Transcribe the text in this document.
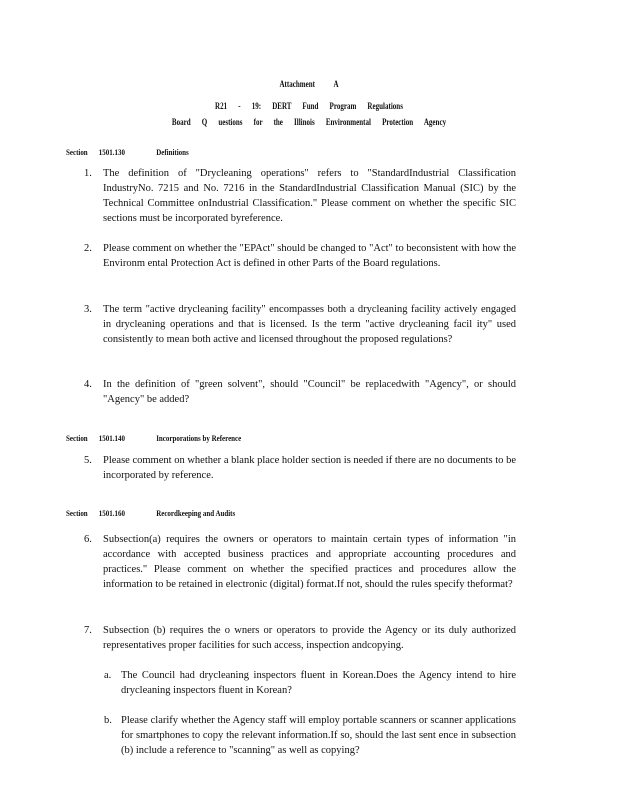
Attachment A
R21 - 19: DERT Fund Program Regulations
Board Q uestions for the Illinois Environmental Protection Agency
Section 1501.130	Definitions
1.	The definition of "Drycleaning operations" refers to "StandardIndustrial Classification IndustryNo. 7215 and No. 7216 in the StandardIndustrial Classification Manual (SIC) by the Technical Committee onIndustrial Classification." Please comment on whether the specific SIC sections must be incorporated byreference.
2.	Please comment on whether the "EPAct" should be changed to "Act" to beconsistent with how the Environm ental Protection Act is defined in other Parts of the Board regulations.
3.	The term "active drycleaning facility" encompasses both a drycleaning facility actively engaged in drycleaning operations and that is licensed. Is the term "active drycleaning facil ity" used consistently to mean both active and licensed throughout the proposed regulations?
4.	In the definition of "green solvent", should "Council" be replacedwith "Agency", or should "Agency" be added?
Section 1501.140	Incorporations by Reference
5.	Please comment on whether a blank place holder section is needed if there are no documents to be incorporated by reference.
Section 1501.160	Recordkeeping and Audits
6.	Subsection(a) requires the owners or operators to maintain certain types of information "in accordance with accepted business practices and appropriate accounting procedures and practices." Please comment on whether the specified practices and procedures allow the information to be retained in electronic (digital) format.If not, should the rules specify theformat?
7.	Subsection (b) requires the o wners or operators to provide the Agency or its duly authorized representatives proper facilities for such access, inspection andcopying.
a. The Council had drycleaning inspectors fluent in Korean.Does the Agency intend to hire drycleaning inspectors fluent in Korean?
b. Please clarify whether the Agency staff will employ portable scanners or scanner applications for smartphones to copy the relevant information.If so, should the last sent ence in subsection (b) include a reference to "scanning" as well as copying?
